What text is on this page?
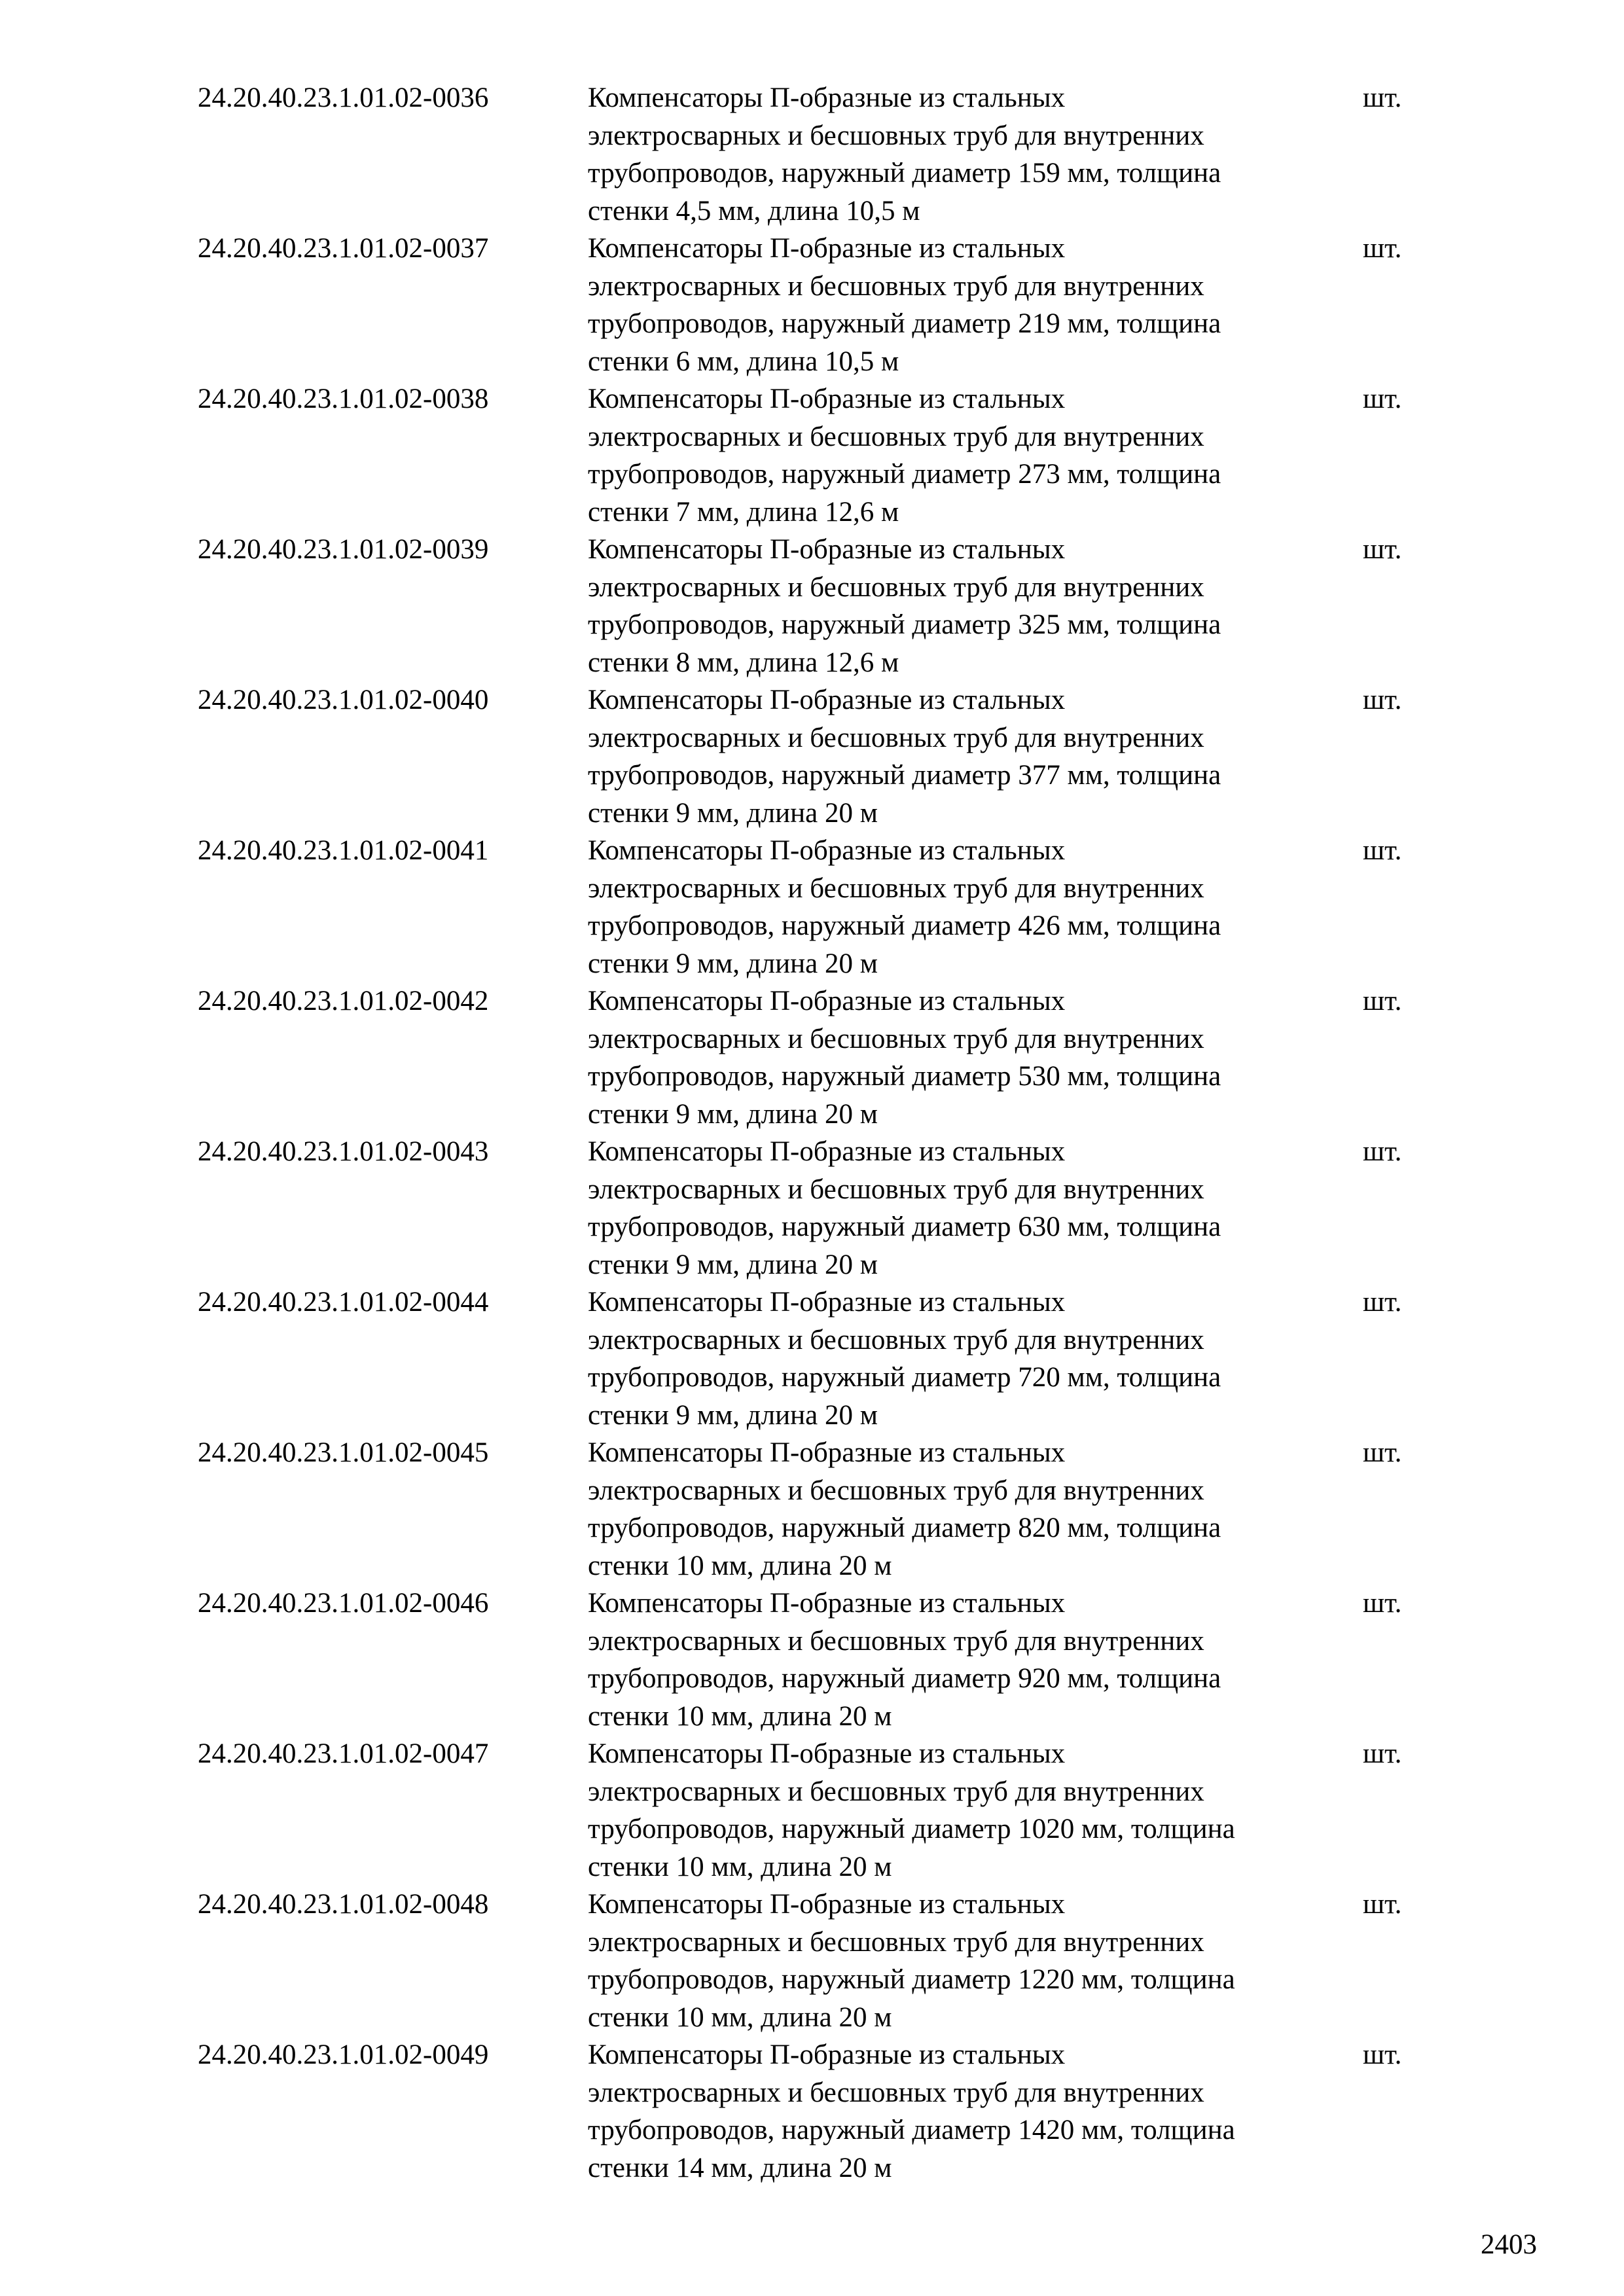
24.20.40.23.1.01.02-0036	Компенсаторы П-образные из стальных
электросварных и бесшовных труб для внутренних
трубопроводов, наружный диаметр 159 мм, толщина
стенки 4,5 мм, длина 10,5 м
шт.
24.20.40.23.1.01.02-0037	Компенсаторы П-образные из стальных
электросварных и бесшовных труб для внутренних
трубопроводов, наружный диаметр 219 мм, толщина
стенки 6 мм, длина 10,5 м
шт.
24.20.40.23.1.01.02-0038	Компенсаторы П-образные из стальных
электросварных и бесшовных труб для внутренних
трубопроводов, наружный диаметр 273 мм, толщина
стенки 7 мм, длина 12,6 м
шт.
24.20.40.23.1.01.02-0039	Компенсаторы П-образные из стальных
электросварных и бесшовных труб для внутренних
трубопроводов, наружный диаметр 325 мм, толщина
стенки 8 мм, длина 12,6 м
шт.
24.20.40.23.1.01.02-0040	Компенсаторы П-образные из стальных
электросварных и бесшовных труб для внутренних
трубопроводов, наружный диаметр 377 мм, толщина
стенки 9 мм, длина 20 м
шт.
24.20.40.23.1.01.02-0041	Компенсаторы П-образные из стальных
электросварных и бесшовных труб для внутренних
трубопроводов, наружный диаметр 426 мм, толщина
стенки 9 мм, длина 20 м
шт.
24.20.40.23.1.01.02-0042	Компенсаторы П-образные из стальных
электросварных и бесшовных труб для внутренних
трубопроводов, наружный диаметр 530 мм, толщина
стенки 9 мм, длина 20 м
шт.
24.20.40.23.1.01.02-0043	Компенсаторы П-образные из стальных
электросварных и бесшовных труб для внутренних
трубопроводов, наружный диаметр 630 мм, толщина
стенки 9 мм, длина 20 м
шт.
24.20.40.23.1.01.02-0044	Компенсаторы П-образные из стальных
электросварных и бесшовных труб для внутренних
трубопроводов, наружный диаметр 720 мм, толщина
стенки 9 мм, длина 20 м
шт.
24.20.40.23.1.01.02-0045	Компенсаторы П-образные из стальных
электросварных и бесшовных труб для внутренних
трубопроводов, наружный диаметр 820 мм, толщина
стенки 10 мм, длина 20 м
шт.
24.20.40.23.1.01.02-0046	Компенсаторы П-образные из стальных
электросварных и бесшовных труб для внутренних
трубопроводов, наружный диаметр 920 мм, толщина
стенки 10 мм, длина 20 м
шт.
24.20.40.23.1.01.02-0047	Компенсаторы П-образные из стальных
электросварных и бесшовных труб для внутренних
трубопроводов, наружный диаметр 1020 мм, толщина
стенки 10 мм, длина 20 м
шт.
24.20.40.23.1.01.02-0048	Компенсаторы П-образные из стальных
электросварных и бесшовных труб для внутренних
трубопроводов, наружный диаметр 1220 мм, толщина
стенки 10 мм, длина 20 м
шт.
24.20.40.23.1.01.02-0049	Компенсаторы П-образные из стальных
электросварных и бесшовных труб для внутренних
трубопроводов, наружный диаметр 1420 мм, толщина
стенки 14 мм, длина 20 м
шт.
2403
